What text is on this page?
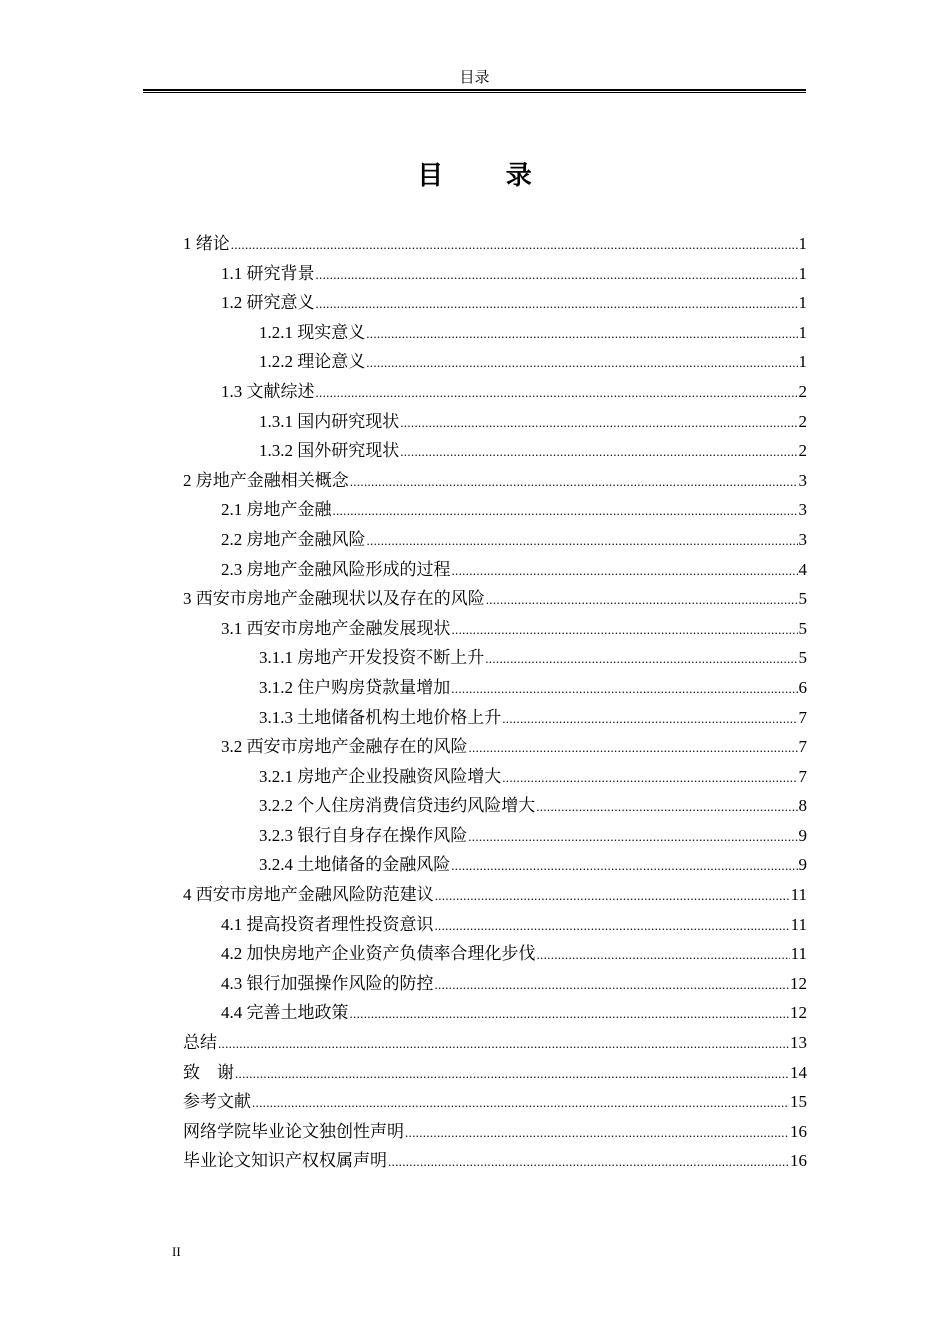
目录
目 录
1 绪论 .....	1
1.1 研究背景 .....	1
1.2 研究意义 .....	1
1.2.1 现实意义 .....	1
1.2.2 理论意义 .....	1
1.3 文献综述 .....	2
1.3.1 国内研究现状 .....	2
1.3.2 国外研究现状 .....	2
2 房地产金融相关概念 .....	3
2.1 房地产金融 .....	3
2.2 房地产金融风险 .....	3
2.3 房地产金融风险形成的过程 .....	4
3 西安市房地产金融现状以及存在的风险 .....	5
3.1 西安市房地产金融发展现状 .....	5
3.1.1 房地产开发投资不断上升 .....	5
3.1.2 住户购房贷款量增加 .....	6
3.1.3 土地储备机构土地价格上升 .....	7
3.2 西安市房地产金融存在的风险 .....	7
3.2.1 房地产企业投融资风险增大 .....	7
3.2.2 个人住房消费信贷违约风险增大 .....	8
3.2.3 银行自身存在操作风险 .....	9
3.2.4 土地储备的金融风险 .....	9
4 西安市房地产金融风险防范建议 .....	11
4.1 提高投资者理性投资意识 .....	11
4.2 加快房地产企业资产负债率合理化步伐 .....	11
4.3 银行加强操作风险的防控 .....	12
4.4 完善土地政策 .....	12
总结 .....	13
致    谢 .....	14
参考文献 .....	15
网络学院毕业论文独创性声明 .....	16
毕业论文知识产权权属声明 .....	16
II
